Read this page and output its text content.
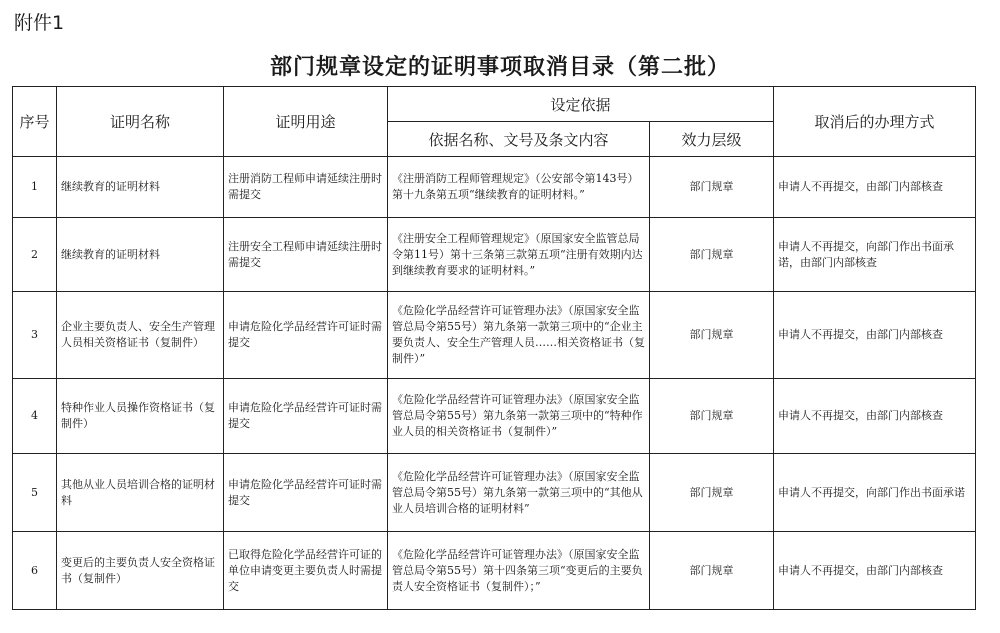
附件1
部门规章设定的证明事项取消目录（第二批）
序号	证明名称	证明用途	设定依据		取消后的办理方式
			依据名称、文号及条文内容	效力层级	
1	继续教育的证明材料	注册消防工程师申请延续注册时需提交	《注册消防工程师管理规定》（公安部令第143号）第十九条第五项“继续教育的证明材料。”	部门规章	申请人不再提交，由部门内部核查
2	继续教育的证明材料	注册安全工程师申请延续注册时需提交	《注册安全工程师管理规定》（原国家安全监管总局令第11号）第十三条第三款第五项“注册有效期内达到继续教育要求的证明材料。”	部门规章	申请人不再提交，向部门作出书面承诺，由部门内部核查
3	企业主要负责人、安全生产管理人员相关资格证书（复制件）	申请危险化学品经营许可证时需提交	《危险化学品经营许可证管理办法》（原国家安全监管总局令第55号）第九条第一款第三项中的“企业主要负责人、安全生产管理人员……相关资格证书（复制件）”	部门规章	申请人不再提交，由部门内部核查
4	特种作业人员操作资格证书（复制件）	申请危险化学品经营许可证时需提交	《危险化学品经营许可证管理办法》（原国家安全监管总局令第55号）第九条第一款第三项中的“特种作业人员的相关资格证书（复制件）”	部门规章	申请人不再提交，由部门内部核查
5	其他从业人员培训合格的证明材料	申请危险化学品经营许可证时需提交	《危险化学品经营许可证管理办法》（原国家安全监管总局令第55号）第九条第一款第三项中的“其他从业人员培训合格的证明材料”	部门规章	申请人不再提交，向部门作出书面承诺
6	变更后的主要负责人安全资格证书（复制件）	已取得危险化学品经营许可证的单位申请变更主要负责人时需提交	《危险化学品经营许可证管理办法》（原国家安全监管总局令第55号）第十四条第三项“变更后的主要负责人安全资格证书（复制件）；”	部门规章	申请人不再提交，由部门内部核查
